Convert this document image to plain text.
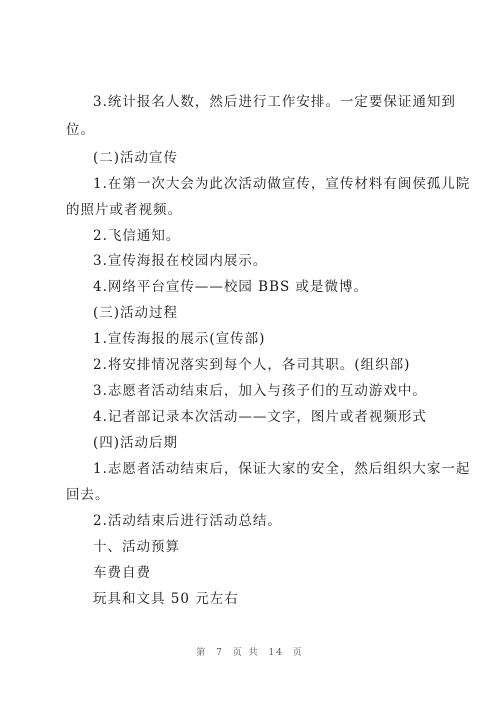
3.统计报名人数，然后进行工作安排。一定要保证通知到
位。
(二)活动宣传
1.在第一次大会为此次活动做宣传，宣传材料有闽侯孤儿院
的照片或者视频。
2.飞信通知。
3.宣传海报在校园内展示。
4.网络平台宣传——校园 BBS 或是微博。
(三)活动过程
1.宣传海报的展示(宣传部)
2.将安排情况落实到每个人，各司其职。(组织部)
3.志愿者活动结束后，加入与孩子们的互动游戏中。
4.记者部记录本次活动——文字，图片或者视频形式
(四)活动后期
1.志愿者活动结束后，保证大家的安全，然后组织大家一起
回去。
2.活动结束后进行活动总结。
十、活动预算
车费自费
玩具和文具 50 元左右
第 7 页 共 14 页
